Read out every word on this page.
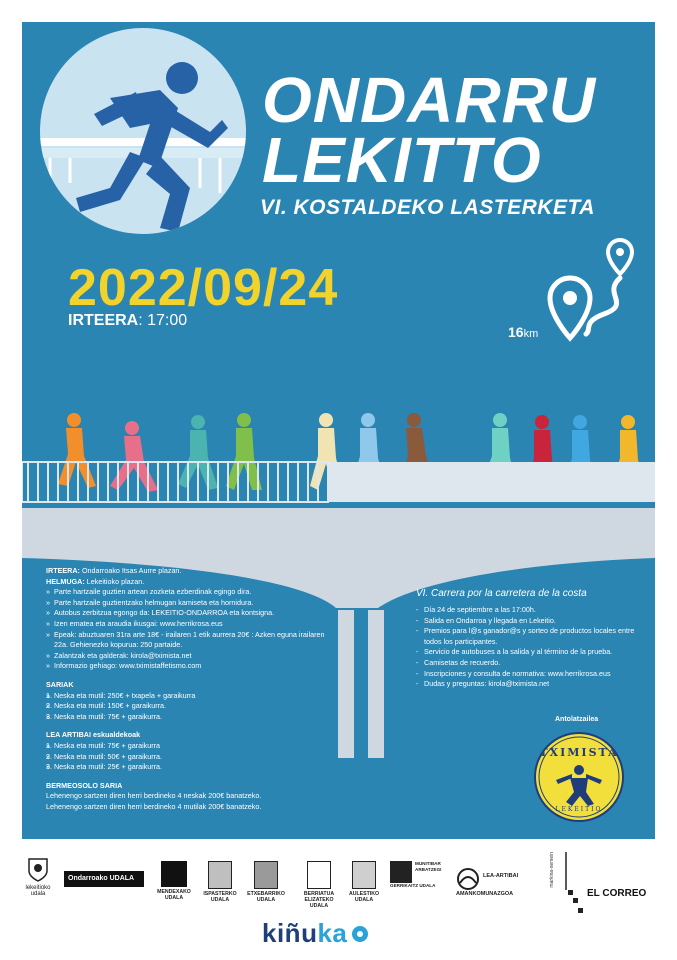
ONDARRU
LEKITTO
VI. KOSTALDEKO LASTERKETA
2022/09/24
IRTEERA: 17:00
16km
IRTEERA: Ondarroako Itsas Aurre plazan.
HELMUGA: Lekeitioko plazan.
» Parte hartzaile guztien artean zozketa ezberdinak egingo dira.
» Parte hartzaile guztientzako helmugan kamiseta eta hornidura.
» Autobus zerbitzua egongo da: LEKEITIO-ONDARROA eta kontsigna.
» Izen ematea eta araudia ikusgai: www.herrikrosa.eus
» Epeak: abuztuaren 31ra arte 18€ - irailaren 1 etik aurrera 20€ : Azken eguna irailaren 22a. Gehienezko kopurua: 250 partaide.
» Zalantzak eta galderak: kirola@tximista.net
» Informazio gehiago: www.tximistaffetismo.com
SARIAK
» 1. Neska eta mutil: 250€ + txapela + garaikurra
» 2. Neska eta mutil: 150€ + garaikurra.
» 3. Neska eta mutil: 75€ + garaikurra.
LEA ARTIBAI eskualdekoak
» 1. Neska eta mutil: 75€ + garaikurra
» 2. Neska eta mutil: 50€ + garaikurra.
» 3. Neska eta mutil: 25€ + garaikurra.
BERMEOSOLO SARIA
Lehenengo sartzen diren herri berdineko 4 neskak 200€ banatzeko.
Lehenengo sartzen diren herri berdineko 4 mutilak 200€ banatzeko.
VI. Carrera por la carretera de la costa
- Día 24 de septiembre a las 17:00h.
- Salida en Ondarroa y llegada en Lekeitio.
- Premios para l@s ganador@s y sorteo de productos locales entre todos los participantes.
- Servicio de autobuses a la salida y al término de la prueba.
- Camisetas de recuerdo.
- Inscripciones y consulta de normativa: www.herrikrosa.eus
- Dudas y preguntas: kirola@tximista.net
Antolatzailea
TXIMISTA
LEKEITIO
lekeitioko udala
Ondarroako UDALA
MENDEXAKO UDALA
ISPASTERKO UDALA
ETXEBARRIKO UDALA
BERRIATUA ELIZATEKO UDALA
AULESTIKO UDALA
MUNITIBAR ARBATZEGI GERRIKAITZ UDALA
LEA-ARTIBAI AMANKOMUNAZGOA
markina-xemein
EL CORREO
kiñuka
